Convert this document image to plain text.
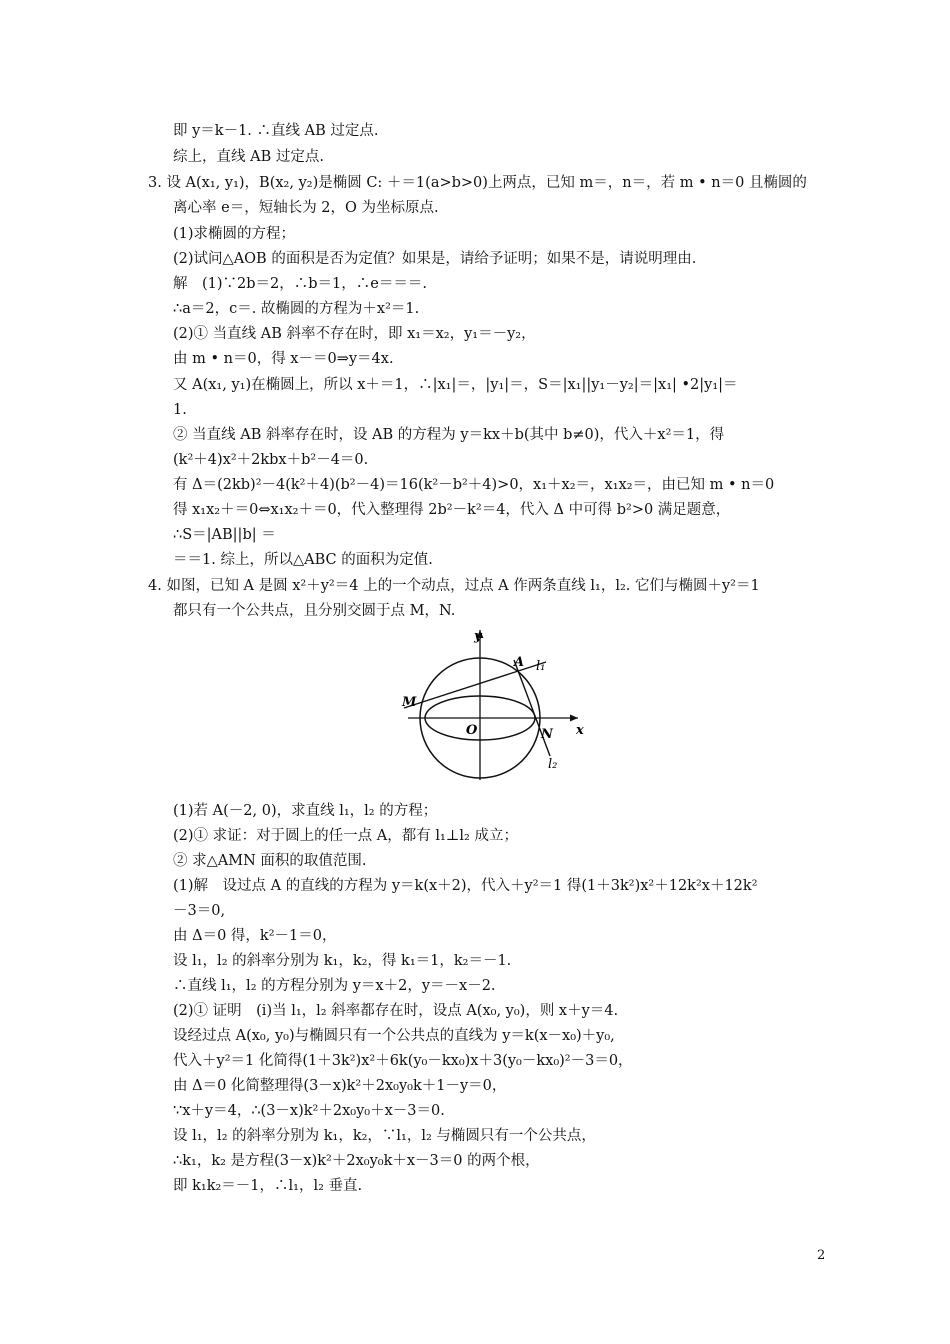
即 y＝k－1. ∴直线 AB 过定点.
综上，直线 AB 过定点.
3. 设 A(x₁, y₁)，B(x₂, y₂)是椭圆 C: ＋＝1(a>b>0)上两点，已知 m＝，n＝，若 m • n＝0 且椭圆的
离心率 e＝，短轴长为 2，O 为坐标原点.
(1)求椭圆的方程；
(2)试问△AOB 的面积是否为定值？如果是，请给予证明；如果不是，请说明理由.
解　(1)∵2b＝2，∴b＝1，∴e＝＝＝.
∴a＝2，c＝. 故椭圆的方程为＋x²＝1.
(2)① 当直线 AB 斜率不存在时，即 x₁＝x₂，y₁＝－y₂，
由 m • n＝0，得 x－＝0⇒y＝4x.
又 A(x₁, y₁)在椭圆上，所以 x＋＝1，∴|x₁|＝，|y₁|＝，S＝|x₁||y₁－y₂|＝|x₁| •2|y₁|＝
1.
② 当直线 AB 斜率存在时，设 AB 的方程为 y＝kx＋b(其中 b≠0)，代入＋x²＝1，得
(k²＋4)x²＋2kbx＋b²－4＝0.
有 Δ＝(2kb)²－4(k²＋4)(b²－4)＝16(k²－b²＋4)>0，x₁＋x₂＝，x₁x₂＝，由已知 m • n＝0
得 x₁x₂＋＝0⇔x₁x₂＋＝0，代入整理得 2b²－k²＝4，代入 Δ 中可得 b²>0 满足题意，
∴S＝|AB||b| ＝
＝＝1. 综上，所以△ABC 的面积为定值.
4. 如图，已知 A 是圆 x²＋y²＝4 上的一个动点，过点 A 作两条直线 l₁，l₂. 它们与椭圆＋y²＝1
都只有一个公共点，且分别交圆于点 M，N.
y
x
A l₁
M
O	N
l₂
(1)若 A(－2, 0)，求直线 l₁，l₂ 的方程；
(2)① 求证：对于圆上的任一点 A，都有 l₁⊥l₂ 成立；
② 求△AMN 面积的取值范围.
(1)解　设过点 A 的直线的方程为 y＝k(x＋2)，代入＋y²＝1 得(1＋3k²)x²＋12k²x＋12k²
－3＝0,
由 Δ＝0 得，k²－1＝0，
设 l₁，l₂ 的斜率分别为 k₁，k₂，得 k₁＝1，k₂＝－1.
∴直线 l₁，l₂ 的方程分别为 y＝x＋2，y＝－x－2.
(2)① 证明　(ⅰ)当 l₁，l₂ 斜率都存在时，设点 A(x₀, y₀)，则 x＋y＝4.
设经过点 A(x₀, y₀)与椭圆只有一个公共点的直线为 y＝k(x－x₀)＋y₀,
代入＋y²＝1 化简得(1＋3k²)x²＋6k(y₀－kx₀)x＋3(y₀－kx₀)²－3＝0，
由 Δ＝0 化简整理得(3－x)k²＋2x₀y₀k＋1－y＝0，
∵x＋y＝4，∴(3－x)k²＋2x₀y₀＋x－3＝0.
设 l₁，l₂ 的斜率分别为 k₁，k₂，∵l₁，l₂ 与椭圆只有一个公共点，
∴k₁，k₂ 是方程(3－x)k²＋2x₀y₀k＋x－3＝0 的两个根，
即 k₁k₂＝－1，∴l₁，l₂ 垂直.
2
